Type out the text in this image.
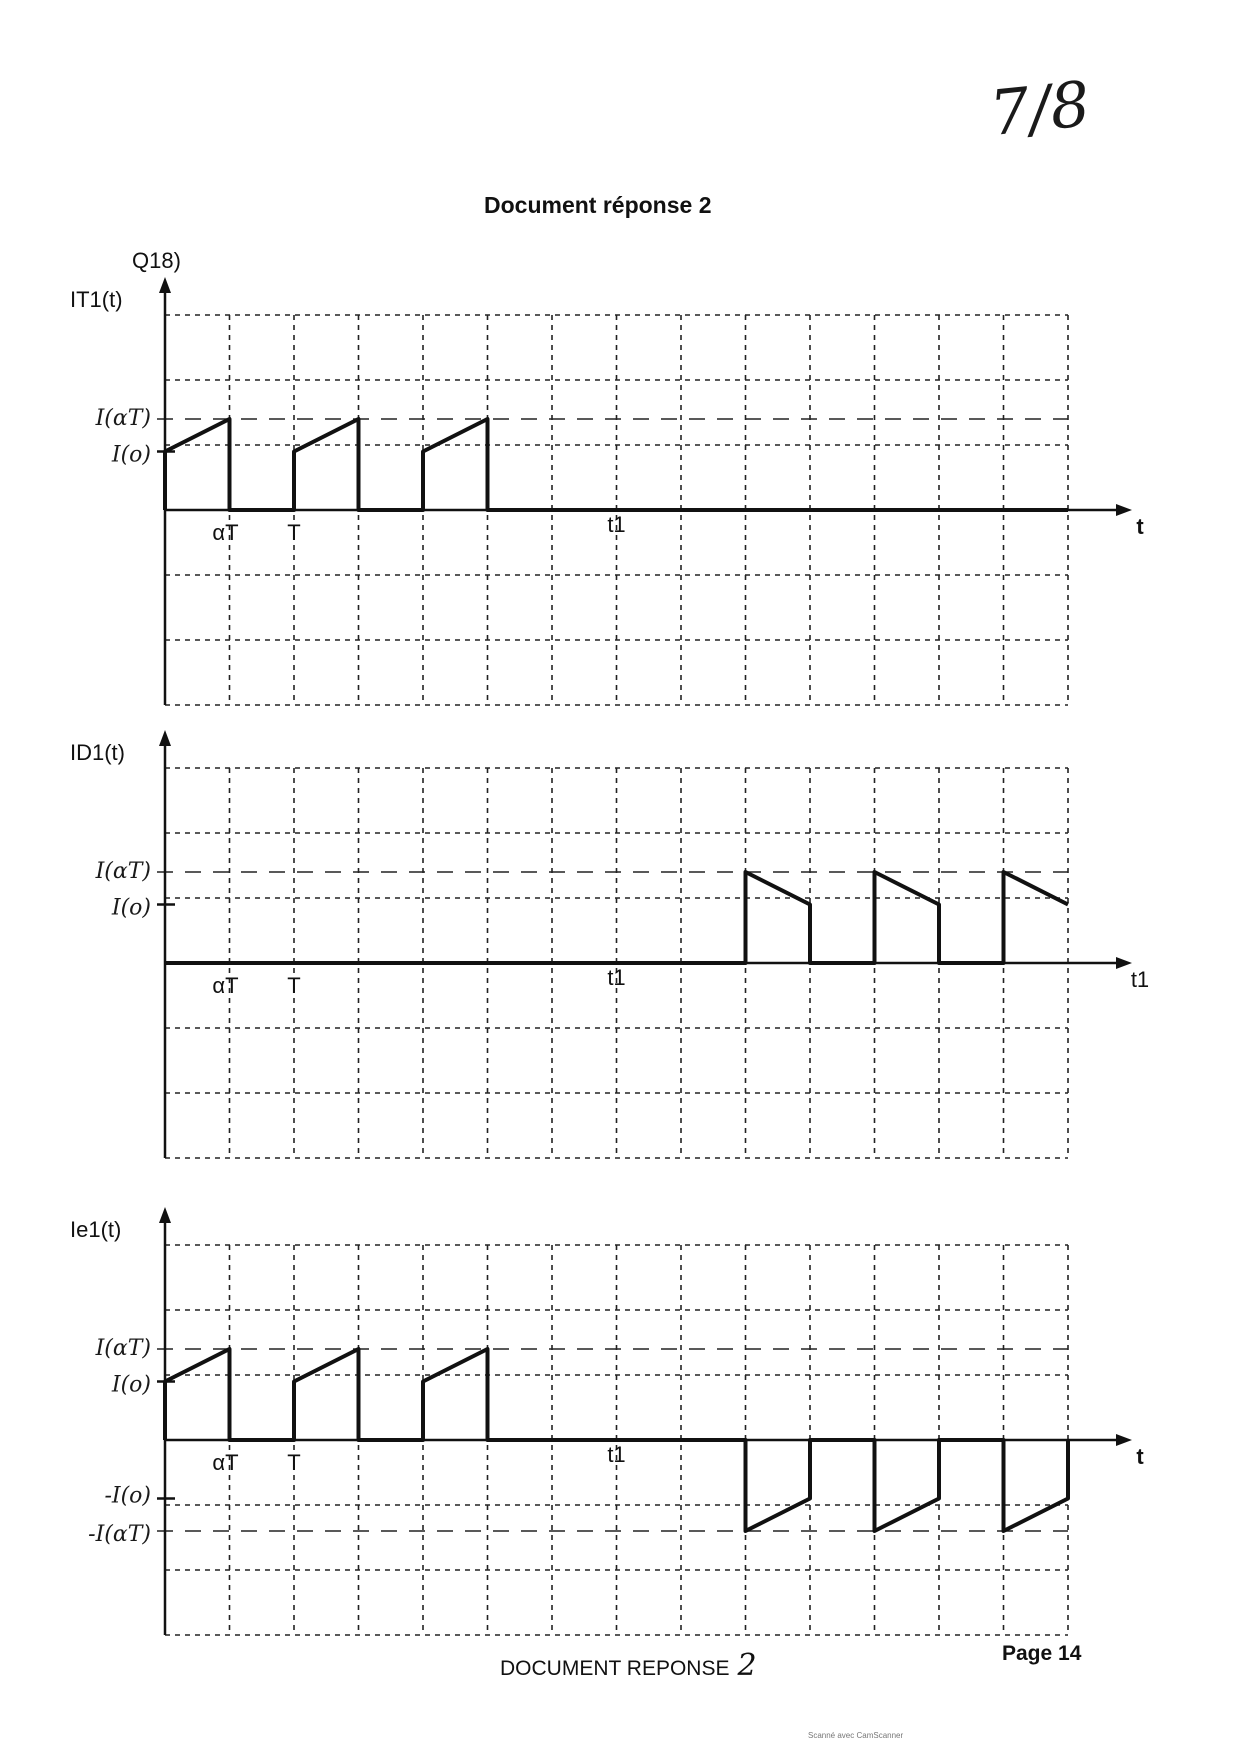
7/8
Document réponse 2
Q18)
IT1(t)
t
αT T	t1
I(αT)
I(o)
ID1(t)
t1
αT T	t1
I(αT)
I(o)
Ie1(t)
t
αT T	t1
I(αT)
I(o)
-I(o)
-I(αT)
DOCUMENT REPONSE 2	Page 14
Scanné avec CamScanner
